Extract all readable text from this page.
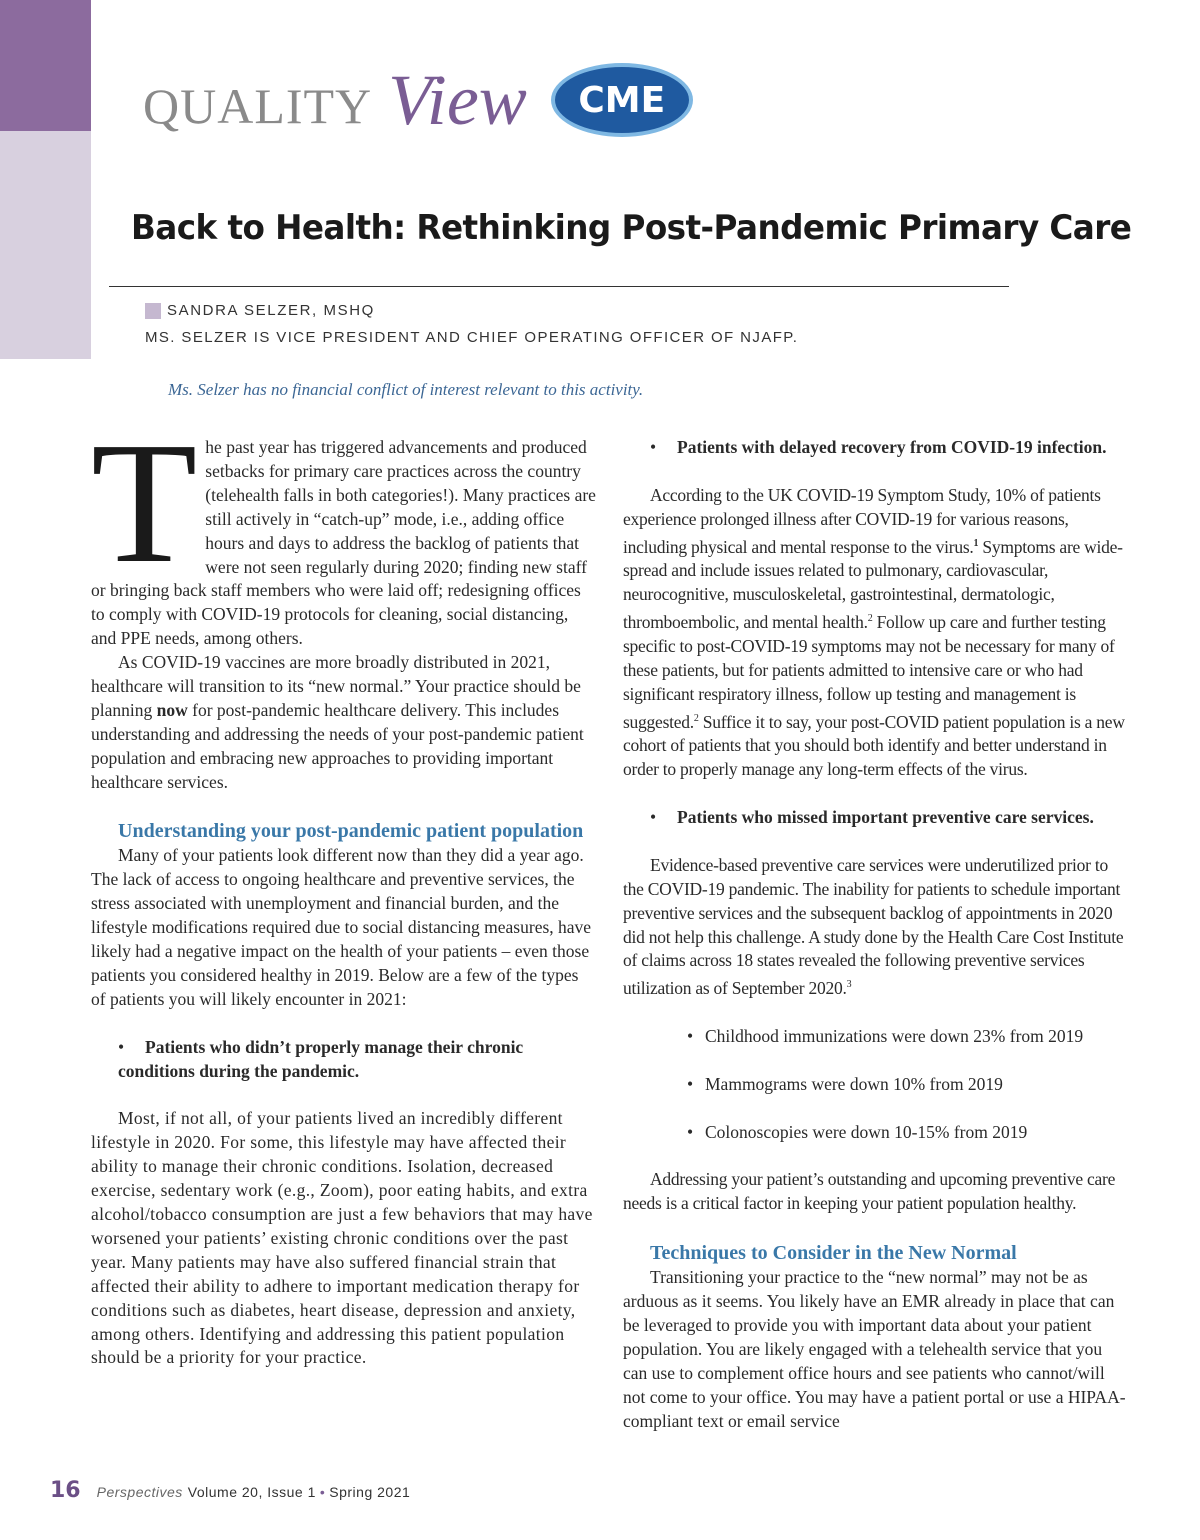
QUALITY View CME
Back to Health: Rethinking Post-Pandemic Primary Care
SANDRA SELZER, MSHQ
MS. SELZER IS VICE PRESIDENT AND CHIEF OPERATING OFFICER OF NJAFP.
Ms. Selzer has no financial conflict of interest relevant to this activity.

The past year has triggered advancements and produced setbacks for primary care practices across the country (telehealth falls in both categories!). Many practices are still actively in “catch-up” mode, i.e., adding office hours and days to address the backlog of patients that were not seen regularly during 2020; finding new staff or bringing back staff members who were laid off; redesigning offices to comply with COVID-19 protocols for cleaning, social distancing, and PPE needs, among others.

As COVID-19 vaccines are more broadly distributed in 2021, healthcare will transition to its “new normal.” Your practice should be planning now for post-pandemic healthcare delivery. This includes understanding and addressing the needs of your post-pandemic patient population and embracing new approaches to providing important healthcare services.

Understanding your post-pandemic patient population

Many of your patients look different now than they did a year ago. The lack of access to ongoing healthcare and preventive services, the stress associated with unemployment and financial burden, and the lifestyle modifications required due to social distancing measures, have likely had a negative impact on the health of your patients – even those patients you considered healthy in 2019. Below are a few of the types of patients you will likely encounter in 2021:

• Patients who didn’t properly manage their chronic conditions during the pandemic.

Most, if not all, of your patients lived an incredibly different lifestyle in 2020. For some, this lifestyle may have affected their ability to manage their chronic conditions. Isolation, decreased exercise, sedentary work (e.g., Zoom), poor eating habits, and extra alcohol/tobacco consumption are just a few behaviors that may have worsened your patients’ existing chronic conditions over the past year. Many patients may have also suffered financial strain that affected their ability to adhere to important medication therapy for conditions such as diabetes, heart disease, depression and anxiety, among others. Identifying and addressing this patient population should be a priority for your practice.

• Patients with delayed recovery from COVID-19 infection.

According to the UK COVID-19 Symptom Study, 10% of patients experience prolonged illness after COVID-19 for various reasons, including physical and mental response to the virus.$^1$ Symptoms are wide-spread and include issues related to pulmonary, cardiovascular, neurocognitive, musculoskeletal, gastrointestinal, dermatologic, thromboembolic, and mental health.$^2$ Follow up care and further testing specific to post-COVID-19 symptoms may not be necessary for many of these patients, but for patients admitted to intensive care or who had significant respiratory illness, follow up testing and management is suggested.$^2$ Suffice it to say, your post-COVID patient population is a new cohort of patients that you should both identify and better understand in order to properly manage any long-term effects of the virus.

• Patients who missed important preventive care services.

Evidence-based preventive care services were underutilized prior to the COVID-19 pandemic. The inability for patients to schedule important preventive services and the subsequent backlog of appointments in 2020 did not help this challenge. A study done by the Health Care Cost Institute of claims across 18 states revealed the following preventive services utilization as of September 2020.$^3$

• Childhood immunizations were down 23% from 2019

• Mammograms were down 10% from 2019

• Colonoscopies were down 10-15% from 2019

Addressing your patient’s outstanding and upcoming preventive care needs is a critical factor in keeping your patient population healthy.

Techniques to Consider in the New Normal

Transitioning your practice to the “new normal” may not be as arduous as it seems. You likely have an EMR already in place that can be leveraged to provide you with important data about your patient population. You are likely engaged with a telehealth service that you can use to complement office hours and see patients who cannot/will not come to your office. You may have a patient portal or use a HIPAA-compliant text or email service

16 Perspectives Volume 20, Issue 1 • Spring 2021
